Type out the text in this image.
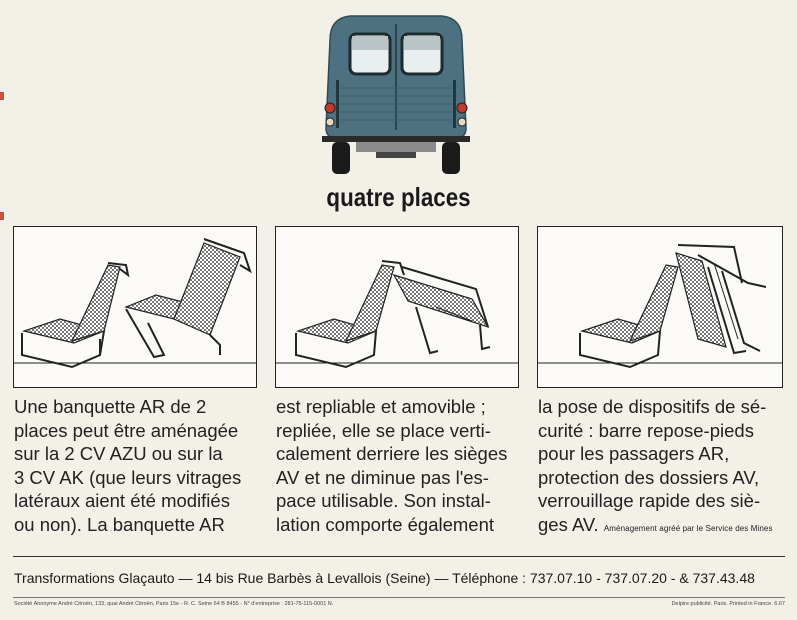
quatre places

Une banquette AR de 2

places peut être aménagée

sur la 2 CV AZU ou sur la

3 CV AK (que leurs vitrages

latéraux aient été modifiés

ou non). La banquette AR

est repliable et amovible ;

repliée, elle se place verti-

calement derriere les sièges

AV et ne diminue pas l'es-

pace utilisable. Son instal-

lation comporte également

la pose de dispositifs de sé-

curité : barre repose-pieds

pour les passagers AR,

protection des dossiers AV,

verrouillage rapide des siè-

ges AV. Aménagement agréé par le Service des Mines

Transformations Glaçauto — 14 bis Rue Barbès à Levallois (Seine) — Téléphone : 737.07.10 - 737.07.20 - & 737.43.48
Société Anonyme André Citroën, 133, quai André Citroën, Paris 15e - R. C. Seine 64 B 8455 - N° d'entreprise : 281-75-115-0001 N.	Delpire publicité. Paris. Printed in France. 6.67
